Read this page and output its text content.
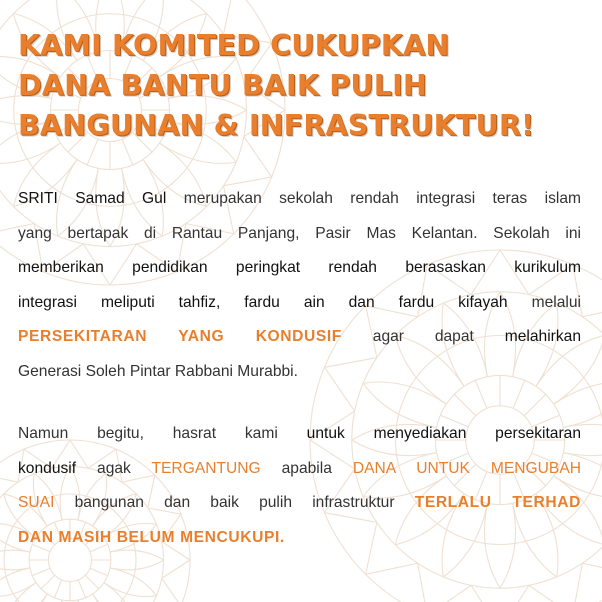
KAMI KOMITED CUKUPKAN
DANA BANTU BAIK PULIH
BANGUNAN & INFRASTRUKTUR!

SRITI Samad Gul merupakan sekolah rendah integrasi teras islam
yang bertapak di Rantau Panjang, Pasir Mas Kelantan. Sekolah ini
memberikan pendidikan peringkat rendah berasaskan kurikulum
integrasi meliputi tahfiz, fardu ain dan fardu kifayah melalui
PERSEKITARAN YANG KONDUSIF agar dapat melahirkan
Generasi Soleh Pintar Rabbani Murabbi.

Namun begitu, hasrat kami untuk menyediakan persekitaran
kondusif agak TERGANTUNG apabila DANA UNTUK MENGUBAH
SUAI bangunan dan baik pulih infrastruktur TERLALU TERHAD
DAN MASIH BELUM MENCUKUPI.
